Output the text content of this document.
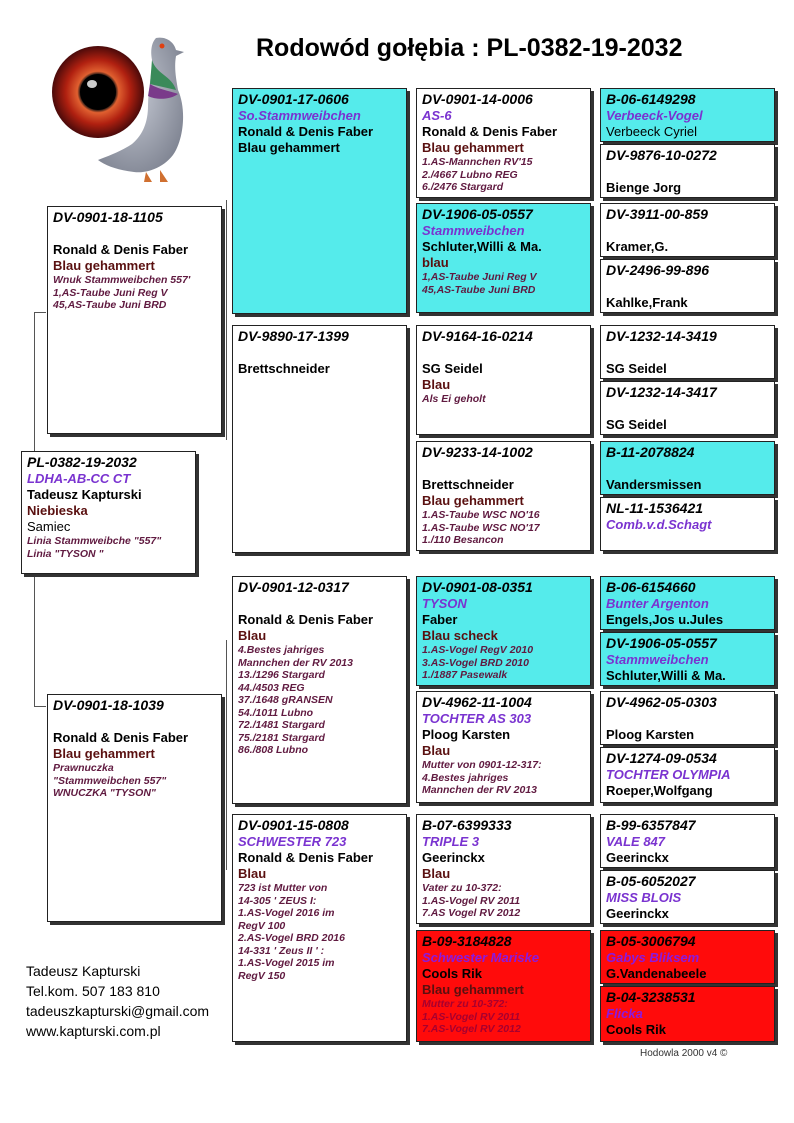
Rodowód gołębia : PL-0382-19-2032
PL-0382-19-2032
LDHA-AB-CC CT
Tadeusz Kapturski
Niebieska
Samiec
Linia Stammweibche "557"
Linia "TYSON "
DV-0901-18-1105
Ronald & Denis Faber
Blau gehammert
Wnuk Stammweibchen 557'
1,AS-Taube Juni Reg V
45,AS-Taube Juni BRD
DV-0901-18-1039
Ronald & Denis Faber
Blau gehammert
Prawnuczka
"Stammweibchen 557"
WNUCZKA "TYSON"
DV-0901-17-0606
So.Stammweibchen
Ronald & Denis Faber
Blau gehammert
DV-9890-17-1399
Brettschneider
DV-0901-12-0317
Ronald & Denis Faber
Blau
4.Bestes jahriges
Mannchen der RV 2013
13./1296 Stargard
44./4503 REG
37./1648 gRANSEN
54./1011 Lubno
72./1481 Stargard
75./2181 Stargard
86./808 Lubno
DV-0901-15-0808
SCHWESTER 723
Ronald & Denis Faber
Blau
723 ist Mutter von
14-305 ' ZEUS I:
1.AS-Vogel 2016 im
RegV 100
2.AS-Vogel BRD 2016
14-331 ' Zeus II ' :
1.AS-Vogel 2015 im
RegV 150
DV-0901-14-0006
AS-6
Ronald & Denis Faber
Blau gehammert
1.AS-Mannchen RV'15
2./4667 Lubno REG
6./2476 Stargard
DV-1906-05-0557
Stammweibchen
Schluter,Willi & Ma.
blau
1,AS-Taube Juni Reg V
45,AS-Taube Juni BRD
DV-9164-16-0214
SG Seidel
Blau
Als Ei geholt
DV-9233-14-1002
Brettschneider
Blau gehammert
1.AS-Taube WSC NO'16
1.AS-Taube WSC NO'17
1./110 Besancon
DV-0901-08-0351
TYSON
Faber
Blau scheck
1.AS-Vogel RegV 2010
3.AS-Vogel BRD 2010
1./1887 Pasewalk
DV-4962-11-1004
TOCHTER AS 303
Ploog Karsten
Blau
Mutter von 0901-12-317:
4.Bestes jahriges
Mannchen der RV 2013
B-07-6399333
TRIPLE 3
Geerinckx
Blau
Vater zu 10-372:
1.AS-Vogel RV 2011
7.AS Vogel RV 2012
B-09-3184828
Schwester Mariske
Cools Rik
Blau gehammert
Mutter zu 10-372:
1.AS-Vogel RV 2011
7.AS-Vogel RV 2012
B-06-6149298
Verbeeck-Vogel
Verbeeck Cyriel
DV-9876-10-0272
Bienge Jorg
DV-3911-00-859
Kramer,G.
DV-2496-99-896
Kahlke,Frank
DV-1232-14-3419
SG Seidel
DV-1232-14-3417
SG Seidel
B-11-2078824
Vandersmissen
NL-11-1536421
Comb.v.d.Schagt
B-06-6154660
Bunter Argenton
Engels,Jos u.Jules
DV-1906-05-0557
Stammweibchen
Schluter,Willi & Ma.
DV-4962-05-0303
Ploog Karsten
DV-1274-09-0534
TOCHTER OLYMPIA
Roeper,Wolfgang
B-99-6357847
VALE 847
Geerinckx
B-05-6052027
MISS BLOIS
Geerinckx
B-05-3006794
Gabys Bliksem
G.Vandenabeele
B-04-3238531
Flicka
Cools Rik
Tadeusz Kapturski
Tel.kom. 507 183 810
tadeuszkapturski@gmail.com
www.kapturski.com.pl
Hodowla 2000 v4 ©
